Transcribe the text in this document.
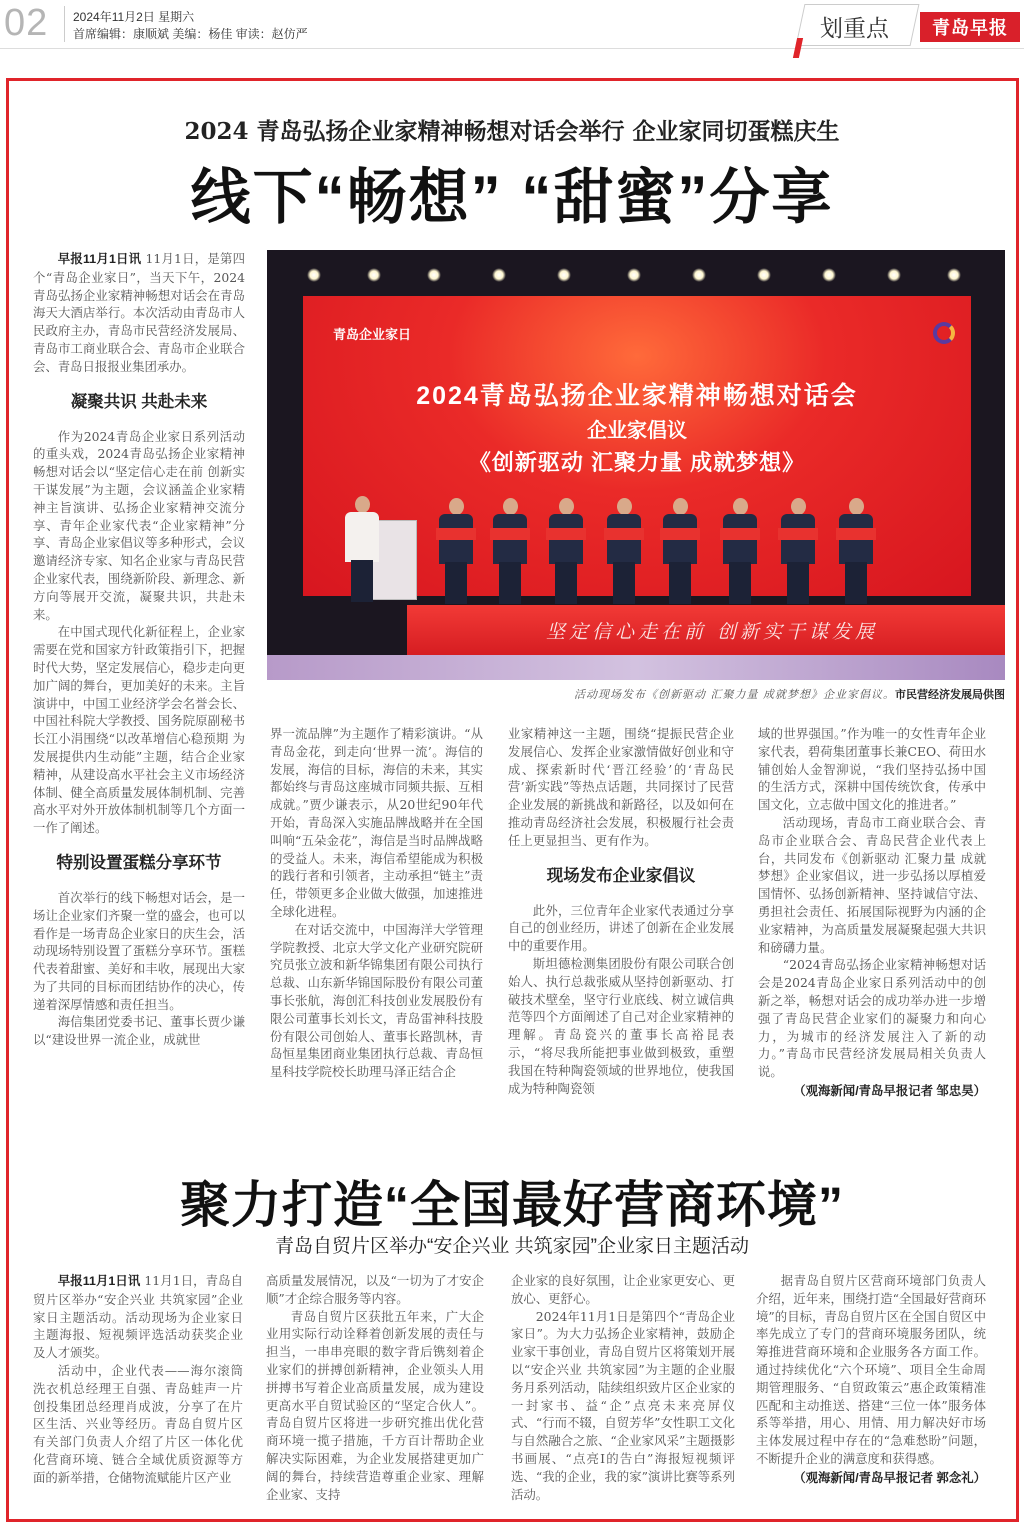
02 2024年11月2日 星期六
首席编辑：康顺斌 美编：杨佳 审读：赵仿严	划重点	青岛早报
2024 青岛弘扬企业家精神畅想对话会举行 企业家同切蛋糕庆生
线下“畅想” “甜蜜”分享

早报11月1日讯 11月1日，是第四个“青岛企业家日”，当天下午，2024青岛弘扬企业家精神畅想对话会在青岛海天大酒店举行。本次活动由青岛市人民政府主办，青岛市民营经济发展局、青岛市工商业联合会、青岛市企业联合会、青岛日报报业集团承办。

凝聚共识 共赴未来

作为2024青岛企业家日系列活动的重头戏，2024青岛弘扬企业家精神畅想对话会以“坚定信心走在前 创新实干谋发展”为主题，会议涵盖企业家精神主旨演讲、弘扬企业家精神交流分享、青年企业家代表“企业家精神”分享、青岛企业家倡议等多种形式，会议邀请经济专家、知名企业家与青岛民营企业家代表，围绕新阶段、新理念、新方向等展开交流，凝聚共识，共赴未来。

在中国式现代化新征程上，企业家需要在党和国家方针政策指引下，把握时代大势，坚定发展信心，稳步走向更加广阔的舞台，更加美好的未来。主旨演讲中，中国工业经济学会名誉会长、中国社科院大学教授、国务院原副秘书长江小涓围绕“以改革增信心稳预期 为发展提供内生动能”主题，结合企业家精神，从建设高水平社会主义市场经济体制、健全高质量发展体制机制、完善高水平对外开放体制机制等几个方面一一作了阐述。

特别设置蛋糕分享环节

首次举行的线下畅想对话会，是一场让企业家们齐聚一堂的盛会，也可以看作是一场青岛企业家日的庆生会，活动现场特别设置了蛋糕分享环节。蛋糕代表着甜蜜、美好和丰收，展现出大家为了共同的目标而团结协作的决心，传递着深厚情感和责任担当。

海信集团党委书记、董事长贾少谦以“建设世界一流企业，成就世

青岛企业家日
2024青岛弘扬企业家精神畅想对话会
企业家倡议
《创新驱动 汇聚力量 成就梦想》
坚定信心走在前 创新实干谋发展
活动现场发布《创新驱动 汇聚力量 成就梦想》企业家倡议。市民营经济发展局供图

界一流品牌”为主题作了精彩演讲。“从青岛金花，到走向‘世界一流’。海信的发展，海信的目标，海信的未来，其实都始终与青岛这座城市同频共振、互相成就。”贾少谦表示，从20世纪90年代开始，青岛深入实施品牌战略并在全国叫响“五朵金花”，海信是当时品牌战略的受益人。未来，海信希望能成为积极的践行者和引领者，主动承担“链主”责任，带领更多企业做大做强，加速推进全球化进程。

在对话交流中，中国海洋大学管理学院教授、北京大学文化产业研究院研究员张立波和新华锦集团有限公司执行总裁、山东新华锦国际股份有限公司董事长张航，海创汇科技创业发展股份有限公司董事长刘长文，青岛雷神科技股份有限公司创始人、董事长路凯林，青岛恒星集团商业集团执行总裁、青岛恒星科技学院校长助理马泽正结合企

业家精神这一主题，围绕“提振民营企业发展信心、发挥企业家激情做好创业和守成、探索新时代‘晋江经验’的‘青岛民营’新实践”等热点话题，共同探讨了民营企业发展的新挑战和新路径，以及如何在推动青岛经济社会发展，积极履行社会责任上更显担当、更有作为。

现场发布企业家倡议

此外，三位青年企业家代表通过分享自己的创业经历，讲述了创新在企业发展中的重要作用。

斯坦德检测集团股份有限公司联合创始人、执行总裁张威从坚持创新驱动、打破技术壁垒，坚守行业底线、树立诚信典范等四个方面阐述了自己对企业家精神的理解。青岛瓷兴的董事长高裕昆表示，“将尽我所能把事业做到极致，重塑我国在特种陶瓷领域的世界地位，使我国成为特种陶瓷领

域的世界强国。”作为唯一的女性青年企业家代表，碧荷集团董事长兼CEO、荷田水铺创始人金智泖说，“我们坚持弘扬中国的生活方式，深耕中国传统饮食，传承中国文化，立志做中国文化的推进者。”

活动现场，青岛市工商业联合会、青岛市企业联合会、青岛民营企业代表上台，共同发布《创新驱动 汇聚力量 成就梦想》企业家倡议，进一步弘扬以厚植爱国情怀、弘扬创新精神、坚持诚信守法、勇担社会责任、拓展国际视野为内涵的企业家精神，为高质量发展凝聚起强大共识和磅礴力量。

“2024青岛弘扬企业家精神畅想对话会是2024青岛企业家日系列活动中的创新之举，畅想对话会的成功举办进一步增强了青岛民营企业家们的凝聚力和向心力，为城市的经济发展注入了新的动力。”青岛市民营经济发展局相关负责人说。

（观海新闻/青岛早报记者 邹忠昊）
聚力打造“全国最好营商环境”
青岛自贸片区举办“安企兴业 共筑家园”企业家日主题活动

早报11月1日讯 11月1日，青岛自贸片区举办“安企兴业 共筑家园”企业家日主题活动。活动现场为企业家日主题海报、短视频评选活动获奖企业及人才颁奖。

活动中，企业代表——海尔滚筒洗衣机总经理王自强、青岛蛙声一片创投集团总经理肖成波，分享了在片区生活、兴业等经历。青岛自贸片区有关部门负责人介绍了片区一体化优化营商环境、链合全域优质资源等方面的新举措，仓储物流赋能片区产业

高质量发展情况，以及“一切为了才安企顺”才企综合服务等内容。

青岛自贸片区获批五年来，广大企业用实际行动诠释着创新发展的责任与担当，一串串亮眼的数字背后镌刻着企业家们的拼搏创新精神，企业领头人用拼搏书写着企业高质量发展，成为建设更高水平自贸试验区的“坚定合伙人”。青岛自贸片区将进一步研究推出优化营商环境一揽子措施，千方百计帮助企业解决实际困难，为企业发展搭建更加广阔的舞台，持续营造尊重企业家、理解企业家、支持

企业家的良好氛围，让企业家更安心、更放心、更舒心。

2024年11月1日是第四个“青岛企业家日”。为大力弘扬企业家精神，鼓励企业家干事创业，青岛自贸片区将策划开展以“安企兴业 共筑家园”为主题的企业服务月系列活动，陆续组织致片区企业家的一封家书、益“企”点亮未来亮屏仪式、“行而不辍，自贸芳华”女性职工文化与自然融合之旅、“企业家风采”主题摄影书画展、“点亮I的告白”海报短视频评选、“我的企业，我的家”演讲比赛等系列活动。

据青岛自贸片区营商环境部门负责人介绍，近年来，围绕打造“全国最好营商环境”的目标，青岛自贸片区在全国自贸区中率先成立了专门的营商环境服务团队，统筹推进营商环境和企业服务各方面工作。通过持续优化“六个环境”、项目全生命周期管理服务、“自贸政策云”惠企政策精准匹配和主动推送、搭建“三位一体”服务体系等举措，用心、用情、用力解决好市场主体发展过程中存在的“急难愁盼”问题，不断提升企业的满意度和获得感。

（观海新闻/青岛早报记者 郭念礼）
